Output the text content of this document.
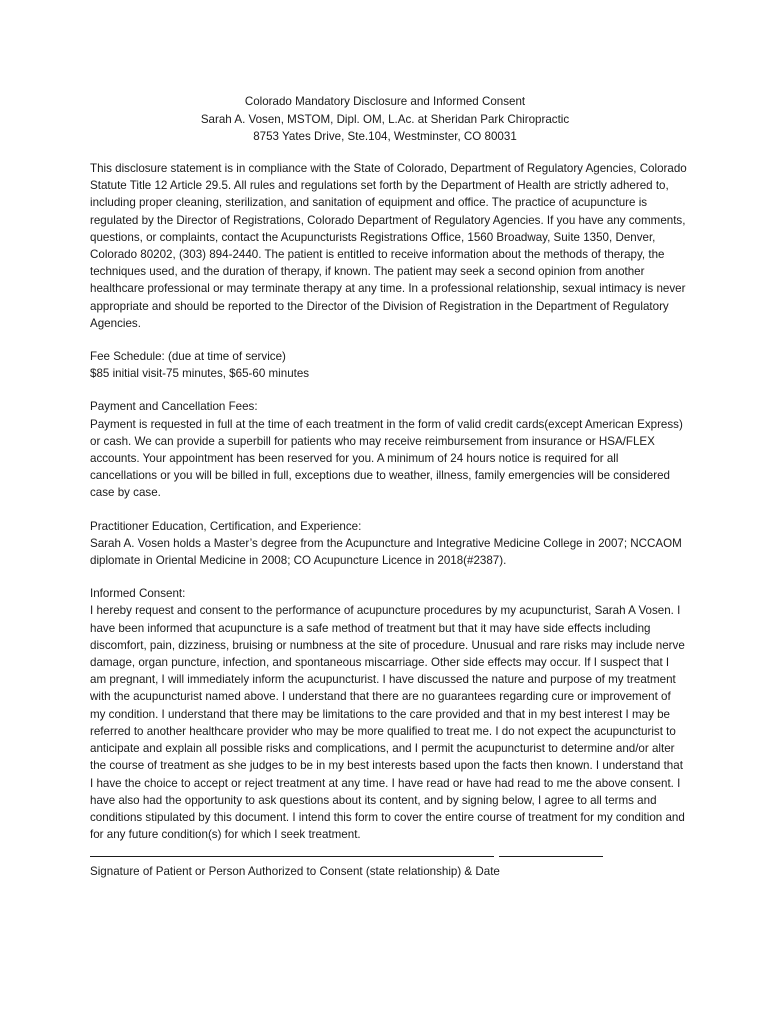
Colorado Mandatory Disclosure and Informed Consent
Sarah A. Vosen, MSTOM, Dipl. OM, L.Ac. at Sheridan Park Chiropractic
8753 Yates Drive, Ste.104, Westminster, CO 80031

This disclosure statement is in compliance with the State of Colorado, Department of Regulatory Agencies, Colorado Statute Title 12 Article 29.5. All rules and regulations set forth by the Department of Health are strictly adhered to, including proper cleaning, sterilization, and sanitation of equipment and office. The practice of acupuncture is regulated by the Director of Registrations, Colorado Department of Regulatory Agencies. If you have any comments, questions, or complaints, contact the Acupuncturists Registrations Office, 1560 Broadway, Suite 1350, Denver, Colorado 80202, (303) 894-2440. The patient is entitled to receive information about the methods of therapy, the techniques used, and the duration of therapy, if known. The patient may seek a second opinion from another healthcare professional or may terminate therapy at any time. In a professional relationship, sexual intimacy is never appropriate and should be reported to the Director of the Division of Registration in the Department of Regulatory Agencies.

Fee Schedule: (due at time of service)
$85 initial visit-75 minutes, $65-60 minutes

Payment and Cancellation Fees:
Payment is requested in full at the time of each treatment in the form of valid credit cards(except American Express) or cash. We can provide a superbill for patients who may receive reimbursement from insurance or HSA/FLEX accounts. Your appointment has been reserved for you. A minimum of 24 hours notice is required for all cancellations or you will be billed in full, exceptions due to weather, illness, family emergencies will be considered case by case.

Practitioner Education, Certification, and Experience:
Sarah A. Vosen holds a Master’s degree from the Acupuncture and Integrative Medicine College in 2007; NCCAOM diplomate in Oriental Medicine in 2008; CO Acupuncture Licence in 2018(#2387).

Informed Consent:
I hereby request and consent to the performance of acupuncture procedures by my acupuncturist, Sarah A Vosen. I have been informed that acupuncture is a safe method of treatment but that it may have side effects including discomfort, pain, dizziness, bruising or numbness at the site of procedure. Unusual and rare risks may include nerve damage, organ puncture, infection, and spontaneous miscarriage. Other side effects may occur. If I suspect that I am pregnant, I will immediately inform the acupuncturist. I have discussed the nature and purpose of my treatment with the acupuncturist named above. I understand that there are no guarantees regarding cure or improvement of my condition. I understand that there may be limitations to the care provided and that in my best interest I may be referred to another healthcare provider who may be more qualified to treat me. I do not expect the acupuncturist to anticipate and explain all possible risks and complications, and I permit the acupuncturist to determine and/or alter the course of treatment as she judges to be in my best interests based upon the facts then known. I understand that I have the choice to accept or reject treatment at any time. I have read or have had read to me the above consent. I have also had the opportunity to ask questions about its content, and by signing below, I agree to all terms and conditions stipulated by this document. I intend this form to cover the entire course of treatment for my condition and for any future condition(s) for which I seek treatment.

Signature of Patient or Person Authorized to Consent (state relationship) & Date
